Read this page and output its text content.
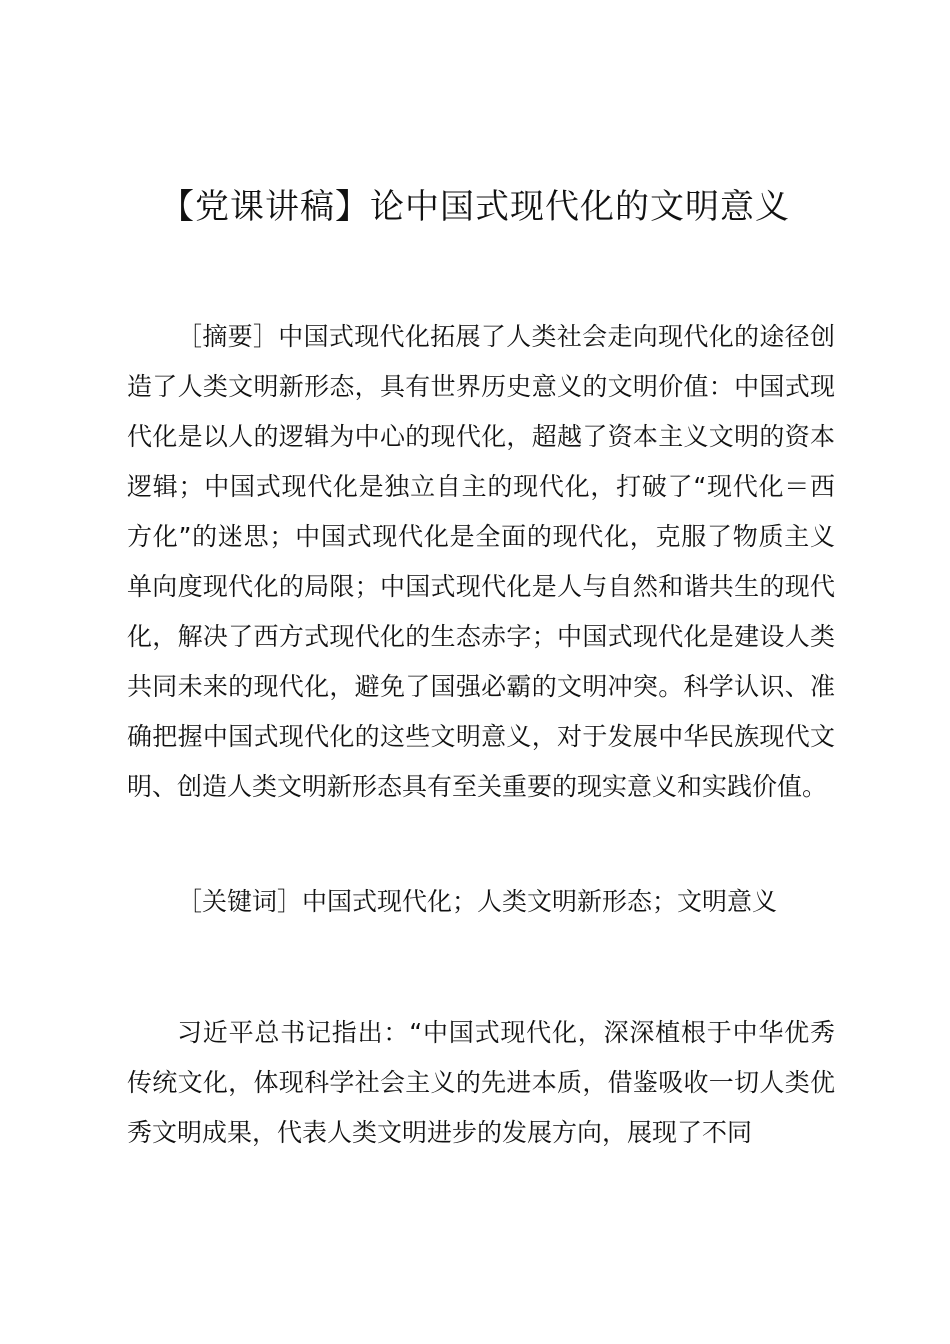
【党课讲稿】论中国式现代化的文明意义

［摘要］中国式现代化拓展了人类社会走向现代化的途径创造了人类文明新形态，具有世界历史意义的文明价值：中国式现代化是以人的逻辑为中心的现代化，超越了资本主义文明的资本逻辑；中国式现代化是独立自主的现代化，打破了“现代化＝西方化”的迷思；中国式现代化是全面的现代化，克服了物质主义单向度现代化的局限；中国式现代化是人与自然和谐共生的现代化，解决了西方式现代化的生态赤字；中国式现代化是建设人类共同未来的现代化，避免了国强必霸的文明冲突。科学认识、准确把握中国式现代化的这些文明意义，对于发展中华民族现代文明、创造人类文明新形态具有至关重要的现实意义和实践价值。

［关键词］中国式现代化；人类文明新形态；文明意义

习近平总书记指出：“中国式现代化，深深植根于中华优秀传统文化，体现科学社会主义的先进本质，借鉴吸收一切人类优秀文明成果，代表人类文明进步的发展方向，展现了不同
